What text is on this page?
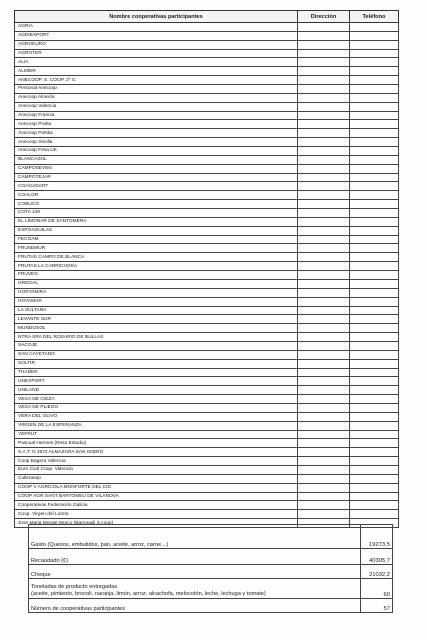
Nombre cooperativas participantes	Dirección	Teléfono
AGRIA		
AGRIEXPORT		
AGROEURO		
AGROTER		
ALIA		
ALIMER		
ANECOOP. S. COOP. 2º G		
Personal Anecoop		
Anecoop Almería		
Anecoop Valencia		
Anecoop Francia		
Anecoop Praha		
Anecoop Polska		
Anecoop Sevilla		
Anecoop Fesa UK		
BLANCASOL		
CAMPOSEVEN		
CAMPOTEJAR		
COAGADART		
COALOR		
COBUCO		
COTA 120		
EL LIMONAR DE SANTOMERA		
EXPOAGUILAS		
FECOAM		
FRUSEMUR		
FRUTAS CAMPO DE BLANCA		
FRUTAS LA CARRICHOSA		
FRUVEG		
GREGAL		
HORTAMIRA		
HOYAMAR		
LA SULTANA		
LEVANTE SUR		
MUNDOSOL		
NTRA SRA DEL ROSARIO DE BULLAS		
SACOJE		
SAN CAYETANO		
SOLTIR		
THADER		
UNEXPORT		
UNILAND		
VEGA DE CIEZA		
VEGA DE PLIEGO		
VERA DEL OLIVO		
VIRGEN DE LA ESPERANZA		
YEFRUT		
Pascual Hermes (Reso Estudio)		
S.A.T. N 3572 ALMAZARA SAN ISIDRO		
Coop Bagera Valencia		
Euro Cool Coop. Valencia		
Cullerasep		
COOP V AGRICOLA MONFORTE DEL CID		
COOP AGR SANT BARTOMEU DE VILANOVA		
Cooperativas Federación Galicia		
Coop. Virgen del Loreto		
Jose Maria Morate Morco (Barnoasil S coop)		
Gasto (Quesos, embutidos, pan, aceite, arroz, carne…)	19273,5
Recaudado (€)	40305,7
Cheque	21032,2

Toneladas de producto entregadas
(aceite, pimiento, brocoli, naranja, limón, arroz, alcachofa, melocotón, leche, lechuga y tomate)	60
Número de cooperativas participantes	57
